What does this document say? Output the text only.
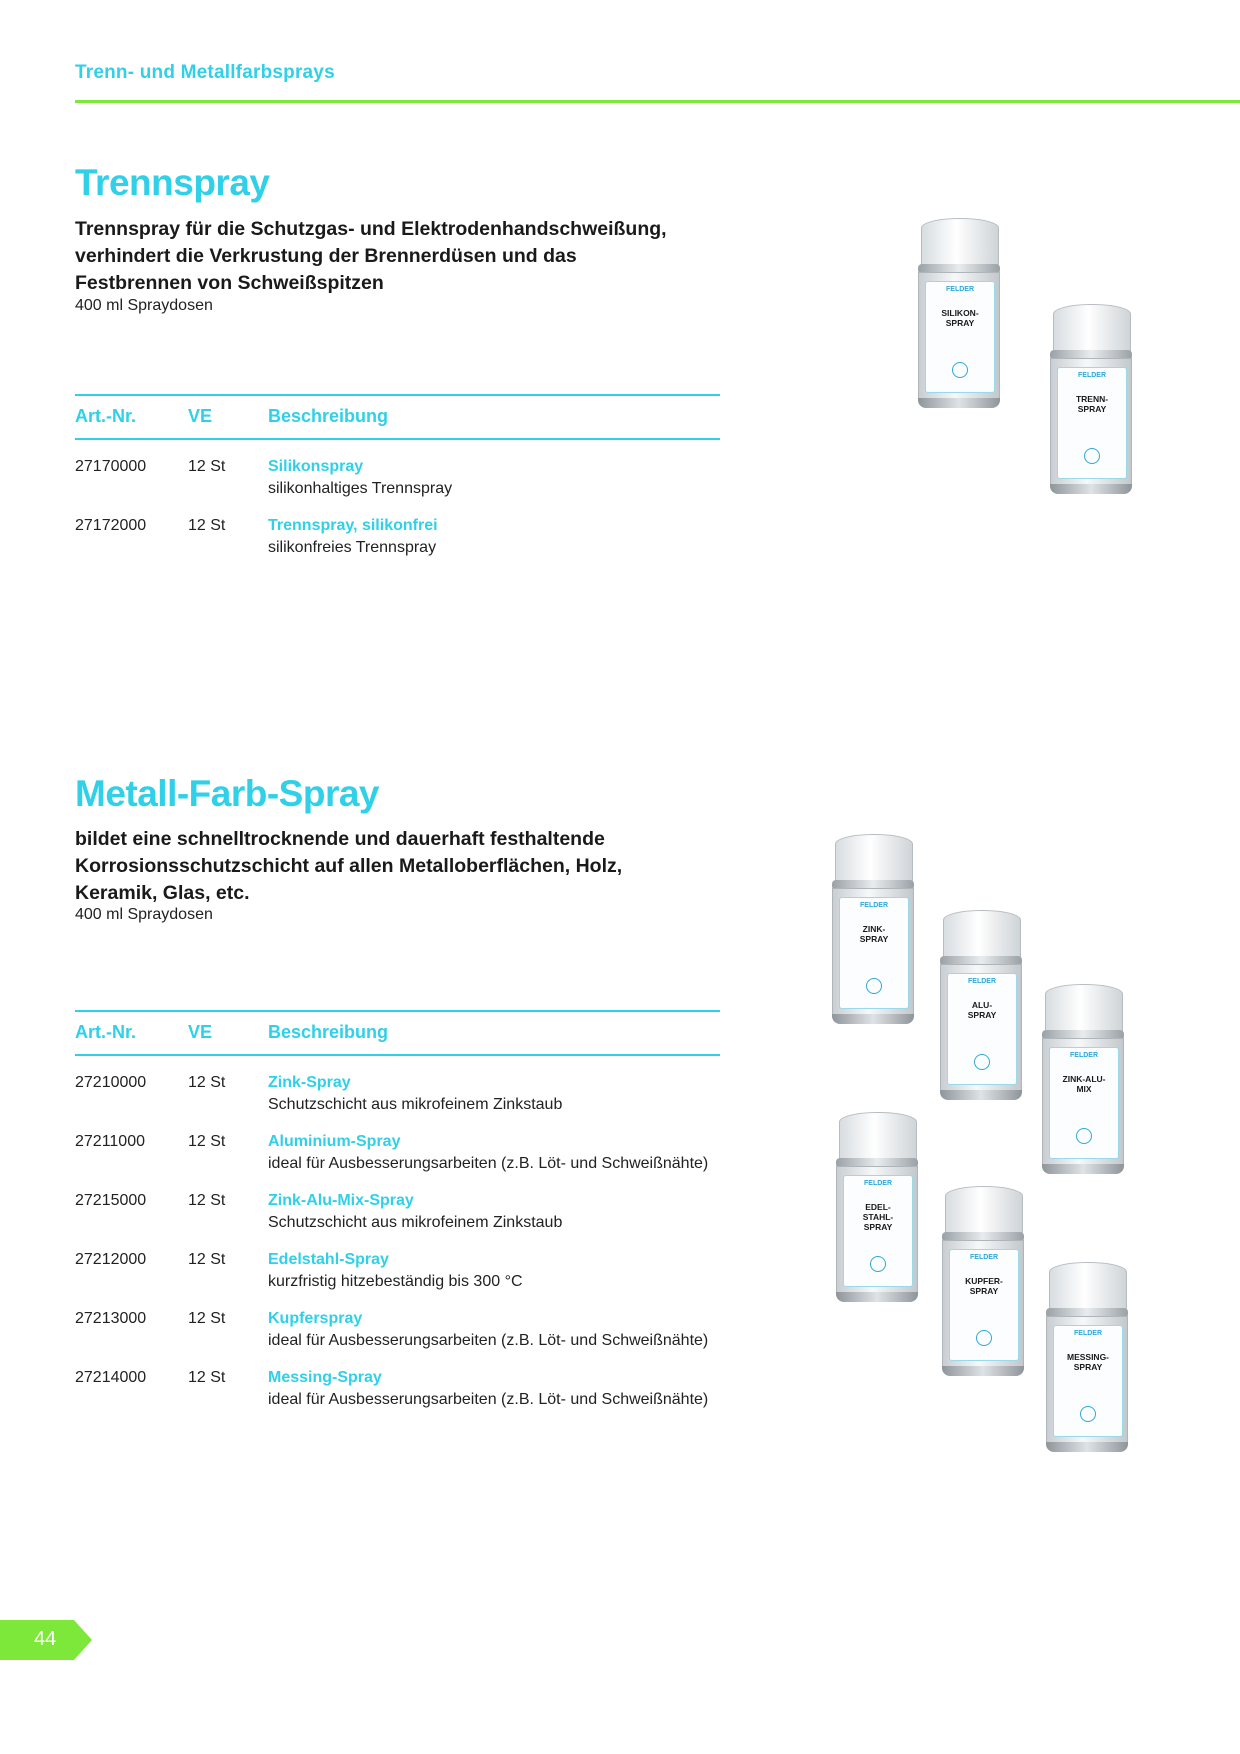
Trenn- und Metallfarbsprays
Trennspray
Trennspray für die Schutzgas- und Elektrodenhandschweißung, verhindert die Verkrustung der Brennerdüsen und das Festbrennen von Schweißspitzen
400 ml Spraydosen
Art.-Nr.	VE	Beschreibung
27170000	12 St	Silikonspray
silikonhaltiges Trennspray
27172000	12 St	Trennspray, silikonfrei
silikonfreies Trennspray
FELDER
SILIKON-
SPRAY
FELDER
TRENN-
SPRAY
Metall-Farb-Spray
bildet eine schnelltrocknende und dauerhaft festhaltende Korrosionsschutzschicht auf allen Metalloberflächen, Holz, Keramik, Glas, etc.
400 ml Spraydosen
Art.-Nr.	VE	Beschreibung
27210000	12 St	Zink-Spray
Schutzschicht aus mikrofeinem Zinkstaub
27211000	12 St	Aluminium-Spray
ideal für Ausbesserungsarbeiten (z.B. Löt- und Schweißnähte)
27215000	12 St	Zink-Alu-Mix-Spray
Schutzschicht aus mikrofeinem Zinkstaub
27212000	12 St	Edelstahl-Spray
kurzfristig hitzebeständig bis 300 °C
27213000	12 St	Kupferspray
ideal für Ausbesserungsarbeiten (z.B. Löt- und Schweißnähte)
27214000	12 St	Messing-Spray
ideal für Ausbesserungsarbeiten (z.B. Löt- und Schweißnähte)
FELDER
ZINK-
SPRAY
FELDER
ALU-
SPRAY
FELDER
ZINK-ALU-
MIX
FELDER
EDEL-
STAHL-
SPRAY
FELDER
KUPFER-
SPRAY
FELDER
MESSING-
SPRAY
44
